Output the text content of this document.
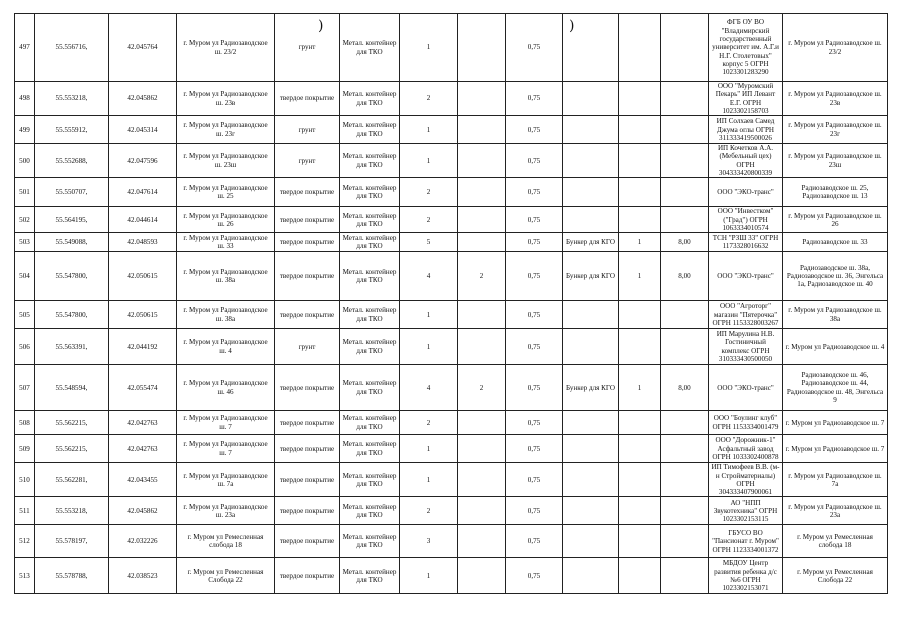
497	55.556716,	42.045764	г. Муром ул Радиозаводское ш. 23/2	грунт	Метал. контейнер для ТКО	1		0,75				ФГБ ОУ ВО "Владимирский государственный университет им. А.Г.и Н.Г. Столетовых" корпус 5 ОГРН 1023301283290	г. Муром ул Радиозаводское ш. 23/2
498	55.553218,	42.045862	г. Муром ул Радиозаводское ш. 23в	твердое покрытие	Метал. контейнер для ТКО	2		0,75				ООО "Муромский Пекарь" ИП Левант Е.Г. ОГРН 1023302158703	г. Муром ул Радиозаводское ш. 23в
499	55.555912,	42.045314	г. Муром ул Радиозаводское ш. 23г	грунт	Метал. контейнер для ТКО	1		0,75				ИП Солхаев Самед Джума оглы ОГРН 311333419500026	г. Муром ул Радиозаводское ш. 23г
500	55.552688,	42.047596	г. Муром ул Радиозаводское ш. 23ш	грунт	Метал. контейнер для ТКО	1		0,75				ИП Кочетков А.А. (Мебельный цех) ОГРН 304333420800339	г. Муром ул Радиозаводское ш. 23ш
501	55.550707,	42.047614	г. Муром ул Радиозаводское ш. 25	твердое покрытие	Метал. контейнер для ТКО	2		0,75				ООО "ЭКО-транс"	Радиозаводское ш. 25, Радиозаводское ш. 13
502	55.564195,	42.044614	г. Муром ул Радиозаводское ш. 26	твердое покрытие	Метал. контейнер для ТКО	2		0,75				ООО "Инвестком" ("Град") ОГРН 1063334010574	г. Муром ул Радиозаводское ш. 26
503	55.549088,	42.048593	г. Муром ул Радиозаводское ш. 33	твердое покрытие	Метал. контейнер для ТКО	5		0,75	Бункер для КГО	1	8,00	ТСН "РЗШ 33" ОГРН 1173328016632	Радиозаводское ш. 33
504	55.547800,	42.050615	г. Муром ул Радиозаводское ш. 38а	твердое покрытие	Метал. контейнер для ТКО	4	2	0,75	Бункер для КГО	1	8,00	ООО "ЭКО-транс"	Радиозаводское ш. 38а, Радиозаводское ш. 36, Энгельса 1а, Радиозаводское ш. 40
505	55.547800,	42.050615	г. Муром ул Радиозаводское ш. 38а	твердое покрытие	Метал. контейнер для ТКО	1		0,75				ООО "Агроторг" магазин "Пятерочка" ОГРН 1153328003267	г. Муром ул Радиозаводское ш. 38а
506	55.563391,	42.044192	г. Муром ул Радиозаводское ш. 4	грунт	Метал. контейнер для ТКО	1		0,75				ИП Марулина Н.В. Гостиничный комплекс ОГРН 310333430500050	г. Муром ул Радиозаводское ш. 4
507	55.548594,	42.055474	г. Муром ул Радиозаводское ш. 46	твердое покрытие	Метал. контейнер для ТКО	4	2	0,75	Бункер для КГО	1	8,00	ООО "ЭКО-транс"	Радиозаводское ш. 46, Радиозаводское ш. 44, Радиозаводское ш. 48, Энгельса 9
508	55.562215,	42.042763	г. Муром ул Радиозаводское ш. 7	твердое покрытие	Метал. контейнер для ТКО	2		0,75				ООО "Боулинг клуб" ОГРН 1153334001479	г. Муром ул Радиозаводское ш. 7
509	55.562215,	42.042763	г. Муром ул Радиозаводское ш. 7	твердое покрытие	Метал. контейнер для ТКО	1		0,75				ООО "Дорожник-1" Асфальтный завод ОГРН 1033302400878	г. Муром ул Радиозаводское ш. 7
510	55.562281,	42.043455	г. Муром ул Радиозаводское ш. 7а	твердое покрытие	Метал. контейнер для ТКО	1		0,75				ИП Тимофеев В.В. (м-н Стройматериалы) ОГРН 304333407900061	г. Муром ул Радиозаводское ш. 7а
511	55.553218,	42.045862	г. Муром ул Радиозаводское ш. 23а	твердое покрытие	Метал. контейнер для ТКО	2		0,75				АО "НПП Звукотехника" ОГРН 1023302153115	г. Муром ул Радиозаводское ш. 23а
512	55.578197,	42.032226	г. Муром ул Ремесленная слобода 18	твердое покрытие	Метал. контейнер для ТКО	3		0,75				ГБУСО ВО "Пансионат г. Муром" ОГРН 1123334001372	г. Муром ул Ремесленная слобода 18
513	55.578788,	42.038523	г. Муром ул Ремесленная Слобода 22	твердое покрытие	Метал. контейнер для ТКО	1		0,75				МБДОУ Центр развития ребенка д/с №6 ОГРН 1023302153071	г. Муром ул Ремесленная Слобода 22
)	)
